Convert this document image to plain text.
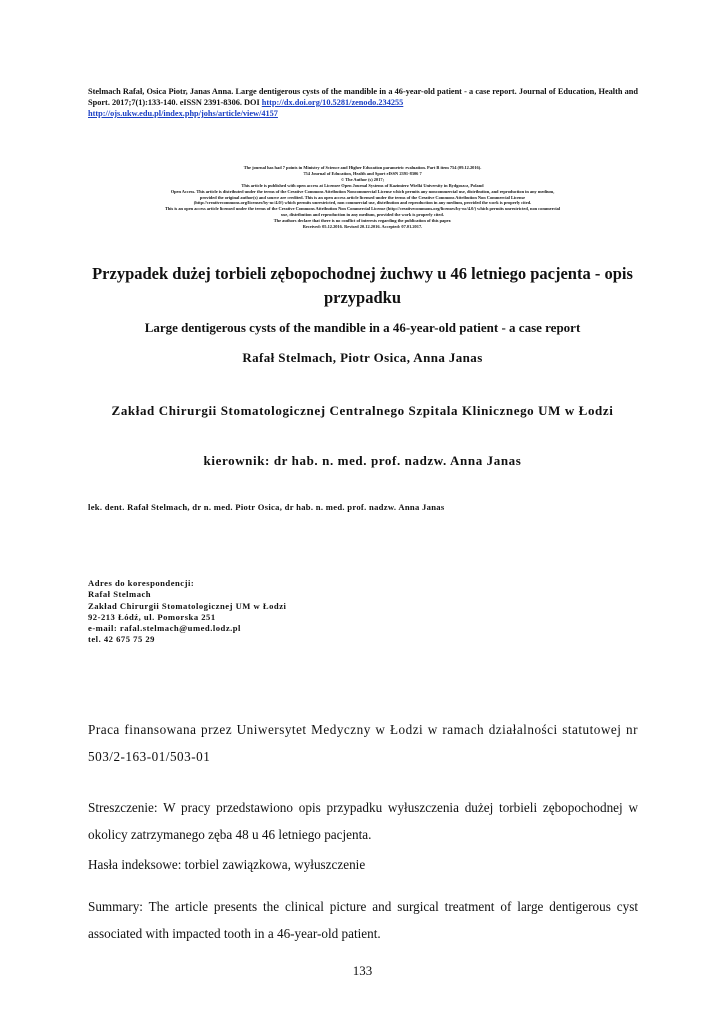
Stelmach Rafał, Osica Piotr, Janas Anna. Large dentigerous cysts of the mandible in a 46-year-old patient - a case report. Journal of Education, Health and Sport. 2017;7(1):133-140. eISSN 2391-8306. DOI http://dx.doi.org/10.5281/zenodo.234255
http://ojs.ukw.edu.pl/index.php/johs/article/view/4157
The journal has had 7 points in Ministry of Science and Higher Education parametric evaluation. Part B item 754 (09.12.2016).
754 Journal of Education, Health and Sport eISSN 2391-8306 7
© The Author (s) 2017;
This article is published with open access at Licensee Open Journal Systems of Kazimierz Wielki University in Bydgoszcz, Poland
Open Access. This article is distributed under the terms of the Creative Commons Attribution Noncommercial License which permits any noncommercial use, distribution, and reproduction in any medium,
provided the original author(s) and source are credited. This is an open access article licensed under the terms of the Creative Commons Attribution Non Commercial License
(http://creativecommons.org/licenses/by-nc/4.0/) which permits unrestricted, non commercial use, distribution and reproduction in any medium, provided the work is properly cited.
This is an open access article licensed under the terms of the Creative Commons Attribution Non Commercial License (http://creativecommons.org/licenses/by-nc/4.0/) which permits unrestricted, non commercial
use, distribution and reproduction in any medium, provided the work is properly cited.
The authors declare that there is no conflict of interests regarding the publication of this paper.
Received: 05.12.2016. Revised 20.12.2016. Accepted: 07.01.2017.
Przypadek dużej torbieli zębopochodnej żuchwy u 46 letniego pacjenta - opis przypadku
Large dentigerous cysts of the mandible in a 46-year-old patient - a case report
Rafał Stelmach, Piotr Osica, Anna Janas
Zakład Chirurgii Stomatologicznej Centralnego Szpitala Klinicznego UM w Łodzi
kierownik: dr hab. n. med. prof. nadzw. Anna Janas
lek. dent. Rafał Stelmach, dr n. med. Piotr Osica, dr hab. n. med. prof. nadzw. Anna Janas
Adres do korespondencji:
Rafał Stelmach
Zakład Chirurgii Stomatologicznej UM w Łodzi
92-213 Łódź, ul. Pomorska 251
e-mail: rafal.stelmach@umed.lodz.pl
tel. 42 675 75 29
Praca finansowana przez Uniwersytet Medyczny w Łodzi w ramach działalności statutowej nr 503/2-163-01/503-01
Streszczenie: W pracy przedstawiono opis przypadku wyłuszczenia dużej torbieli zębopochodnej w okolicy zatrzymanego zęba 48 u 46 letniego pacjenta.
Hasła indeksowe: torbiel zawiązkowa, wyłuszczenie
Summary: The article presents the clinical picture and surgical treatment of large dentigerous cyst associated with impacted tooth in a 46-year-old patient.
133
